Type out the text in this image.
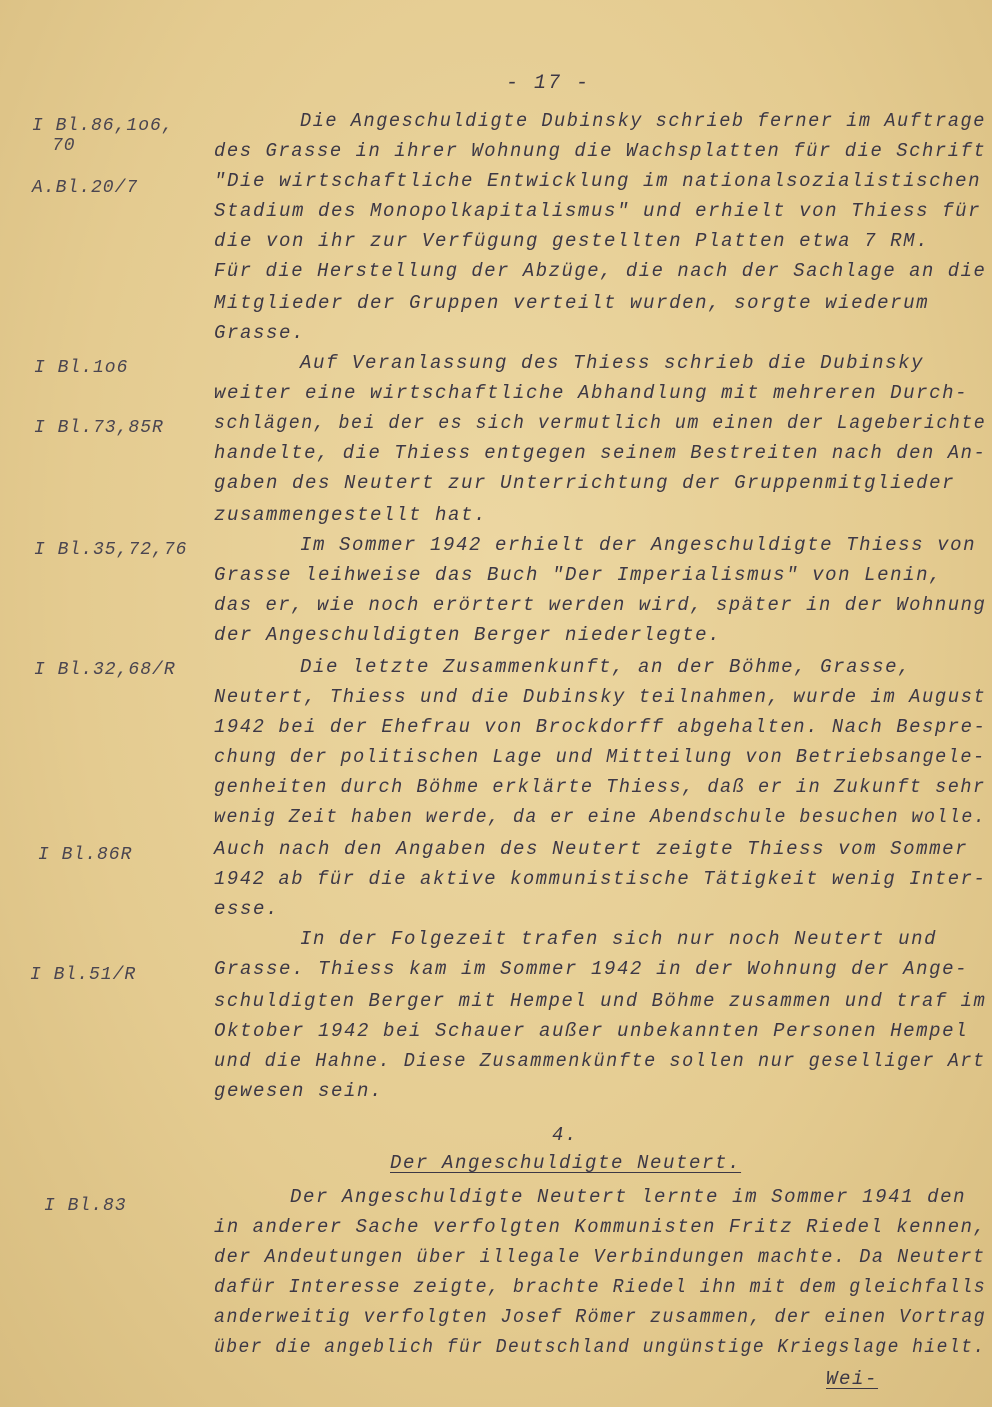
- 17 -
I Bl.86,1o6,
70
A.Bl.20/7
I Bl.1o6
I Bl.73,85R
I Bl.35,72,76
I Bl.32,68/R
I Bl.86R
I Bl.51/R
I Bl.83
Die Angeschuldigte Dubinsky schrieb ferner im Auftrage
des Grasse in ihrer Wohnung die Wachsplatten für die Schrift
"Die wirtschaftliche Entwicklung im nationalsozialistischen
Stadium des Monopolkapitalismus" und erhielt von Thiess für
die von ihr zur Verfügung gestellten Platten etwa 7 RM.
Für die Herstellung der Abzüge, die nach der Sachlage an die
Mitglieder der Gruppen verteilt wurden, sorgte wiederum
Grasse.
Auf Veranlassung des Thiess schrieb die Dubinsky
weiter eine wirtschaftliche Abhandlung mit mehreren Durch-
schlägen, bei der es sich vermutlich um einen der Lageberichte
handelte, die Thiess entgegen seinem Bestreiten nach den An-
gaben des Neutert zur Unterrichtung der Gruppenmitglieder
zusammengestellt hat.
Im Sommer 1942 erhielt der Angeschuldigte Thiess von
Grasse leihweise das Buch "Der Imperialismus" von Lenin,
das er, wie noch erörtert werden wird, später in der Wohnung
der Angeschuldigten Berger niederlegte.
Die letzte Zusammenkunft, an der Böhme, Grasse,
Neutert, Thiess und die Dubinsky teilnahmen, wurde im August
1942 bei der Ehefrau von Brockdorff abgehalten. Nach Bespre-
chung der politischen Lage und Mitteilung von Betriebsangele-
genheiten durch Böhme erklärte Thiess, daß er in Zukunft sehr
wenig Zeit haben werde, da er eine Abendschule besuchen wolle.
Auch nach den Angaben des Neutert zeigte Thiess vom Sommer
1942 ab für die aktive kommunistische Tätigkeit wenig Inter-
esse.
In der Folgezeit trafen sich nur noch Neutert und
Grasse. Thiess kam im Sommer 1942 in der Wohnung der Ange-
schuldigten Berger mit Hempel und Böhme zusammen und traf im
Oktober 1942 bei Schauer außer unbekannten Personen Hempel
und die Hahne. Diese Zusammenkünfte sollen nur geselliger Art
gewesen sein.
4.
Der Angeschuldigte Neutert.
Der Angeschuldigte Neutert lernte im Sommer 1941 den
in anderer Sache verfolgten Kommunisten Fritz Riedel kennen,
der Andeutungen über illegale Verbindungen machte. Da Neutert
dafür Interesse zeigte, brachte Riedel ihn mit dem gleichfalls
anderweitig verfolgten Josef Römer zusammen, der einen Vortrag
über die angeblich für Deutschland ungünstige Kriegslage hielt.
Wei-
